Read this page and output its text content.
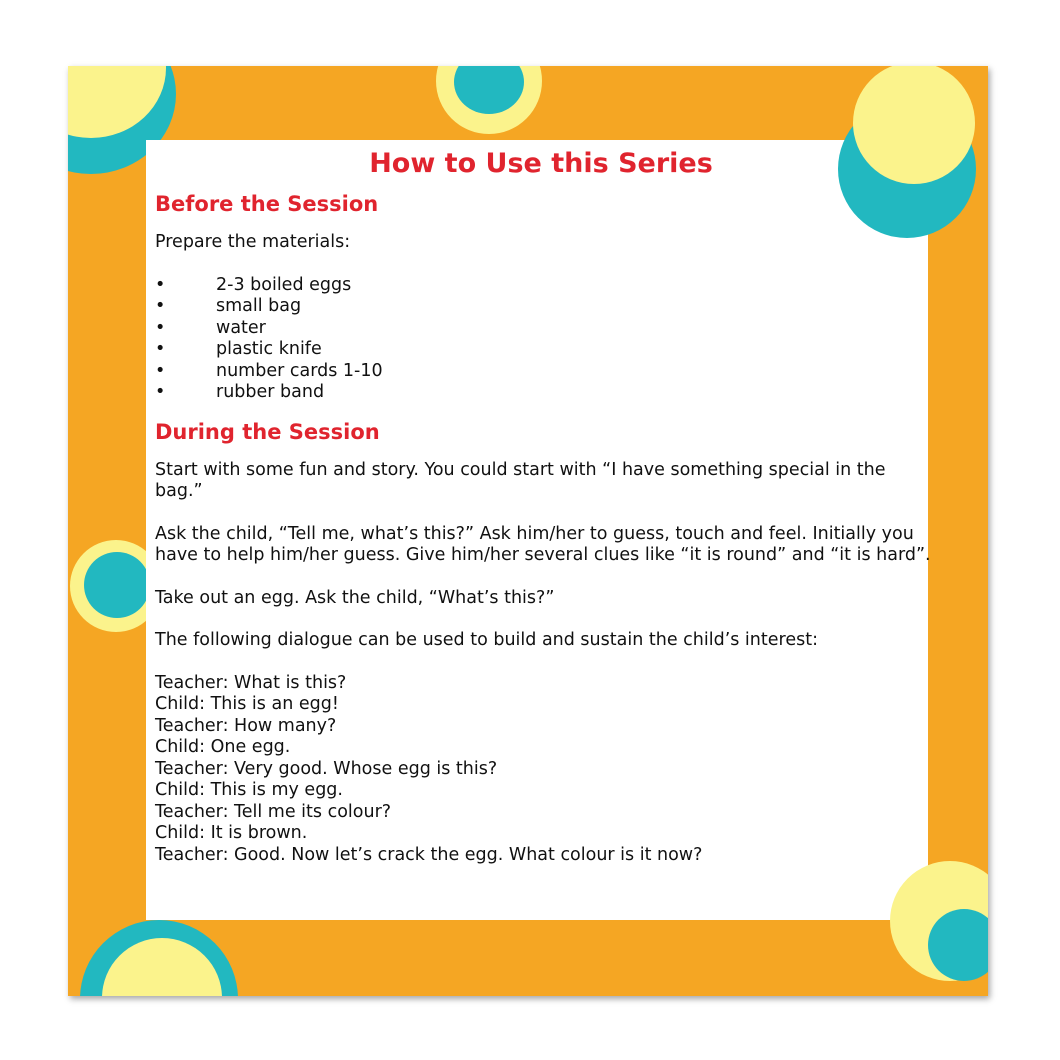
How to Use this Series
Before the Session

Prepare the materials:

•	2-3 boiled eggs
•	small bag
•	water
•	plastic knife
•	number cards 1-10
•	rubber band
During the Session

Start with some fun and story. You could start with “I have something special in the bag.”

Ask the child, “Tell me, what’s this?” Ask him/her to guess, touch and feel. Initially you have to help him/her guess. Give him/her several clues like “it is round” and “it is hard”.

Take out an egg. Ask the child, “What’s this?”

The following dialogue can be used to build and sustain the child’s interest:

Teacher: What is this?
Child: This is an egg!
Teacher: How many?
Child: One egg.
Teacher: Very good. Whose egg is this?
Child: This is my egg.
Teacher: Tell me its colour?
Child: It is brown.
Teacher: Good. Now let’s crack the egg. What colour is it now?
